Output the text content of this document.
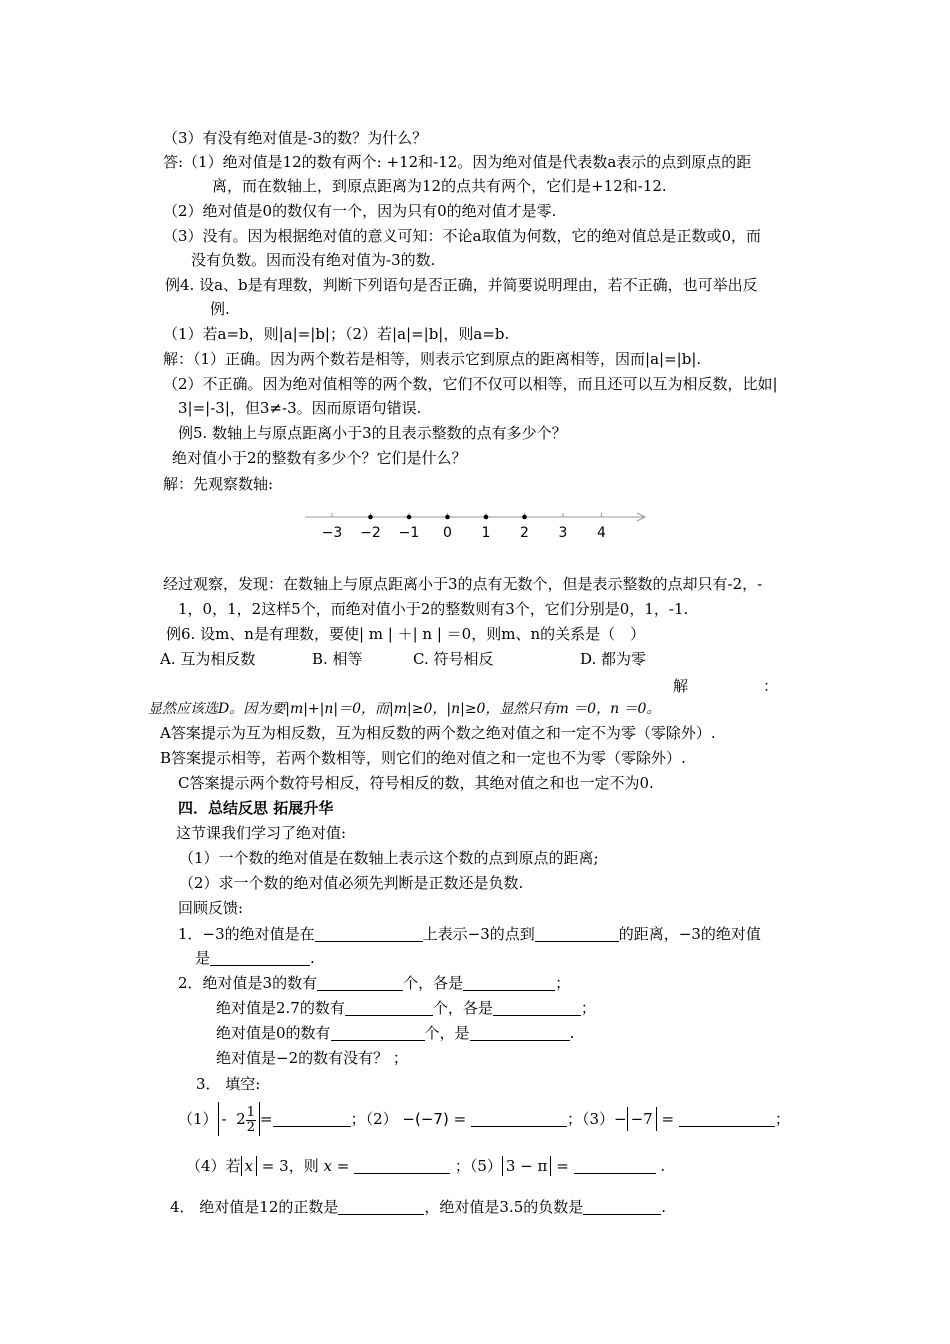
（3）有没有绝对值是-3的数？为什么？
答:（1）绝对值是12的数有两个: +12和-12。因为绝对值是代表数a表示的点到原点的距
离，而在数轴上，到原点距离为12的点共有两个，它们是+12和-12.
（2）绝对值是0的数仅有一个，因为只有0的绝对值才是零.
（3）没有。因为根据绝对值的意义可知：不论a取值为何数，它的绝对值总是正数或0，而
没有负数。因而没有绝对值为-3的数.
例4. 设a、b是有理数，判断下列语句是否正确，并简要说明理由，若不正确，也可举出反
例.
（1）若a=b，则|a|=|b|；（2）若|a|=|b|，则a=b.
解：（1）正确。因为两个数若是相等，则表示它到原点的距离相等，因而|a|=|b|.
（2）不正确。因为绝对值相等的两个数，它们不仅可以相等，而且还可以互为相反数，比如|
3|=|-3|，但3≠-3。因而原语句错误.
例5. 数轴上与原点距离小于3的且表示整数的点有多少个？
绝对值小于2的整数有多少个？它们是什么？
解：先观察数轴:
−3 −2 −1 0 1 2 3 4
经过观察，发现：在数轴上与原点距离小于3的点有无数个，但是表示整数的点却只有-2，-
1，0，1，2这样5个，而绝对值小于2的整数则有3个，它们分别是0，1，-1.
例6. 设m、n是有理数，要使| m | ＋| n | ＝0，则m、n的关系是（　）
A. 互为相反数	B. 相等	C. 符号相反	D. 都为零
解　　　　　：
显然应该选D。因为要|m|+|n|＝0，而|m|≥0，|n|≥0，显然只有m ＝0，n ＝0。
A答案提示为互为相反数，互为相反数的两个数之绝对值之和一定不为零（零除外）.
B答案提示相等，若两个数相等，则它们的绝对值之和一定也不为零（零除外）.
C答案提示两个数符号相反，符号相反的数，其绝对值之和也一定不为0.
四．总结反思 拓展升华
这节课我们学习了绝对值:
（1）一个数的绝对值是在数轴上表示这个数的点到原点的距离;
（2）求一个数的绝对值必须先判断是正数还是负数.
回顾反馈:
1．−3的绝对值是在	上表示−3的点到	的距离，−3的绝对值
是	.
2．绝对值是3的数有	个，各是	；
绝对值是2.7的数有	个，各是	；
绝对值是0的数有	个，是	.
绝对值是−2的数有没有？ ；
3． 填空:
$(1) - 2 \frac{1}{2}$ =	；（2） −(−7) =	；（3）− −7 =	；
（4）若 x = 3，则 x =	；（5） 3 − π =	.
4． 绝对值是12的正数是	，绝对值是3.5的负数是	.
